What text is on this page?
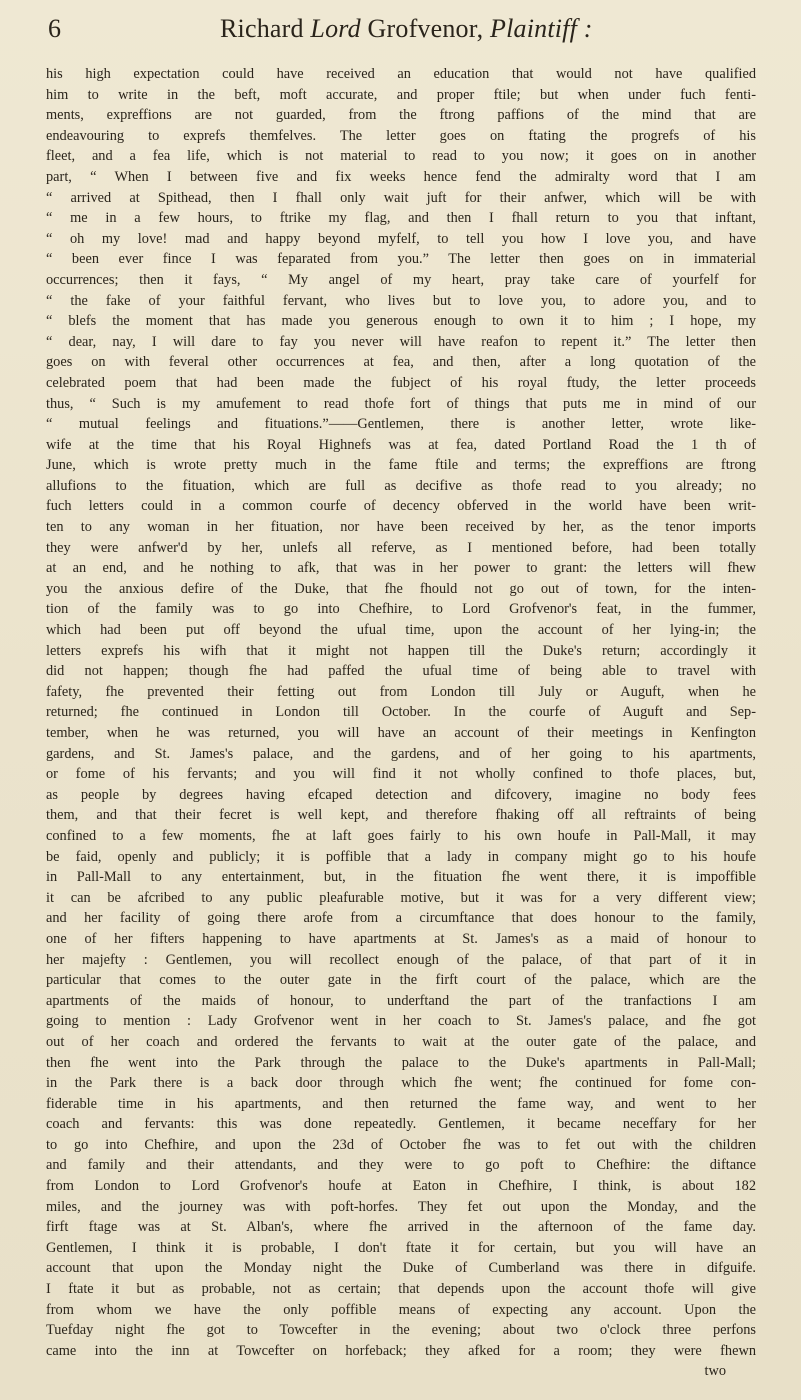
6	Richard Lord Grofvenor, Plaintiff :
his high expectation could have received an education that would not have qualified
him to write in the beft, moft accurate, and proper ftile; but when under fuch fenti-
ments, expreffions are not guarded, from the ftrong paffions of the mind that are
endeavouring to exprefs themfelves. The letter goes on ftating the progrefs of his
fleet, and a fea life, which is not material to read to you now; it goes on in another
part, “ When I between five and fix weeks hence fend the admiralty word that I am
“ arrived at Spithead, then I fhall only wait juft for their anfwer, which will be with
“ me in a few hours, to ftrike my flag, and then I fhall return to you that inftant,
“ oh my love! mad and happy beyond myfelf, to tell you how I love you, and have
“ been ever fince I was feparated from you.” The letter then goes on in immaterial
occurrences; then it fays, “ My angel of my heart, pray take care of yourfelf for
“ the fake of your faithful fervant, who lives but to love you, to adore you, and to
“ blefs the moment that has made you generous enough to own it to him ; I hope, my
“ dear, nay, I will dare to fay you never will have reafon to repent it.” The letter then
goes on with feveral other occurrences at fea, and then, after a long quotation of the
celebrated poem that had been made the fubject of his royal ftudy, the letter proceeds
thus, “ Such is my amufement to read thofe fort of things that puts me in mind of our
“ mutual feelings and fituations.”——Gentlemen, there is another letter, wrote like-
wife at the time that his Royal Highnefs was at fea, dated Portland Road the 1 th of
June, which is wrote pretty much in the fame ftile and terms; the expreffions are ftrong
allufions to the fituation, which are full as decifive as thofe read to you already; no
fuch letters could in a common courfe of decency obferved in the world have been writ-
ten to any woman in her fituation, nor have been received by her, as the tenor imports
they were anfwer'd by her, unlefs all referve, as I mentioned before, had been totally
at an end, and he nothing to afk, that was in her power to grant: the letters will fhew
you the anxious defire of the Duke, that fhe fhould not go out of town, for the inten-
tion of the family was to go into Chefhire, to Lord Grofvenor's feat, in the fummer,
which had been put off beyond the ufual time, upon the account of her lying-in; the
letters exprefs his wifh that it might not happen till the Duke's return; accordingly it
did not happen; though fhe had paffed the ufual time of being able to travel with
fafety, fhe prevented their fetting out from London till July or Auguft, when he
returned; fhe continued in London till October. In the courfe of Auguft and Sep-
tember, when he was returned, you will have an account of their meetings in Kenfington
gardens, and St. James's palace, and the gardens, and of her going to his apartments,
or fome of his fervants; and you will find it not wholly confined to thofe places, but,
as people by degrees having efcaped detection and difcovery, imagine no body fees
them, and that their fecret is well kept, and therefore fhaking off all reftraints of being
confined to a few moments, fhe at laft goes fairly to his own houfe in Pall-Mall, it may
be faid, openly and publicly; it is poffible that a lady in company might go to his houfe
in Pall-Mall to any entertainment, but, in the fituation fhe went there, it is impoffible
it can be afcribed to any public pleafurable motive, but it was for a very different view;
and her facility of going there arofe from a circumftance that does honour to the family,
one of her fifters happening to have apartments at St. James's as a maid of honour to
her majefty : Gentlemen, you will recollect enough of the palace, of that part of it in
particular that comes to the outer gate in the firft court of the palace, which are the
apartments of the maids of honour, to underftand the part of the tranfactions I am
going to mention : Lady Grofvenor went in her coach to St. James's palace, and fhe got
out of her coach and ordered the fervants to wait at the outer gate of the palace, and
then fhe went into the Park through the palace to the Duke's apartments in Pall-Mall;
in the Park there is a back door through which fhe went; fhe continued for fome con-
fiderable time in his apartments, and then returned the fame way, and went to her
coach and fervants: this was done repeatedly. Gentlemen, it became neceffary for her
to go into Chefhire, and upon the 23d of October fhe was to fet out with the children
and family and their attendants, and they were to go poft to Chefhire: the diftance
from London to Lord Grofvenor's houfe at Eaton in Chefhire, I think, is about 182
miles, and the journey was with poft-horfes. They fet out upon the Monday, and the
firft ftage was at St. Alban's, where fhe arrived in the afternoon of the fame day.
Gentlemen, I think it is probable, I don't ftate it for certain, but you will have an
account that upon the Monday night the Duke of Cumberland was there in difguife.
I ftate it but as probable, not as certain; that depends upon the account thofe will give
from whom we have the only poffible means of expecting any account. Upon the
Tuefday night fhe got to Towcefter in the evening; about two o'clock three perfons
came into the inn at Towcefter on horfeback; they afked for a room; they were fhewn
two
